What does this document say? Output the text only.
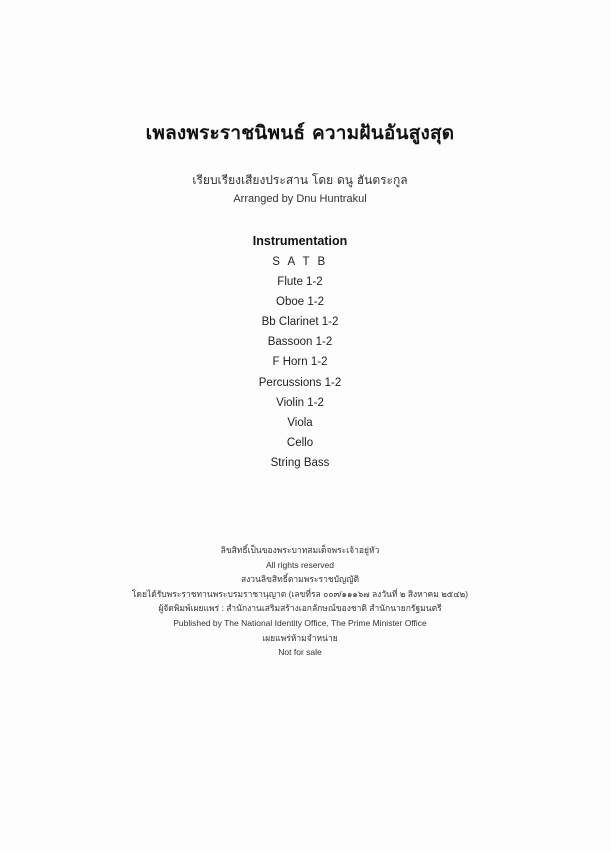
เพลงพระราชนิพนธ์ ความฝันอันสูงสุด
เรียบเรียงเสียงประสาน โดย ดนู ฮันตระกูล
Arranged by Dnu Huntrakul
Instrumentation
S A T B
Flute 1-2
Oboe 1-2
Bb Clarinet 1-2
Bassoon 1-2
F Horn 1-2
Percussions 1-2
Violin 1-2
Viola
Cello
String Bass
ลิขสิทธิ์เป็นของพระบาทสมเด็จพระเจ้าอยู่หัว
All rights reserved
สงวนลิขสิทธิ์ตามพระราชบัญญัติ
โดยได้รับพระราชทานพระบรมราชานุญาต (เลขที่รล ๐๐๓/๑๑๑๖๗ ลงวันที่ ๒ สิงหาคม ๒๕๔๒)
ผู้จัดพิมพ์เผยแพร่ : สำนักงานเสริมสร้างเอกลักษณ์ของชาติ สำนักนายกรัฐมนตรี
Published by The National Identity Office, The Prime Minister Office
เผยแพร่ห้ามจำหน่าย
Not for sale
